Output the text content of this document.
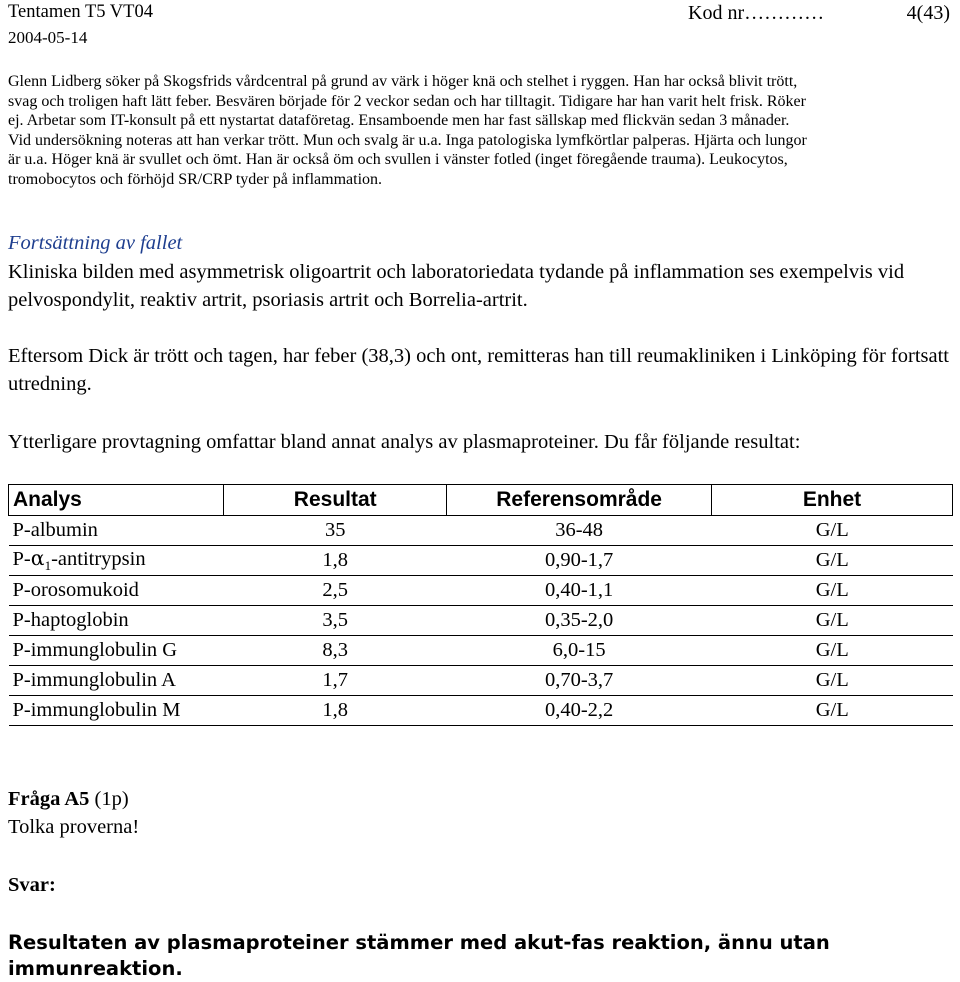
Tentamen T5 VT04
2004-05-14
Kod nr…………	4(43)

Glenn Lidberg söker på Skogsfrids vårdcentral på grund av värk i höger knä och stelhet i ryggen. Han har också blivit trött,

svag och troligen haft lätt feber. Besvären började för 2 veckor sedan och har tilltagit. Tidigare har han varit helt frisk. Röker

ej. Arbetar som IT-konsult på ett nystartat dataföretag. Ensamboende men har fast sällskap med flickvän sedan 3 månader.

Vid undersökning noteras att han verkar trött. Mun och svalg är u.a. Inga patologiska lymfkörtlar palperas. Hjärta och lungor

är u.a. Höger knä är svullet och ömt. Han är också öm och svullen i vänster fotled (inget föregående trauma). Leukocytos,

tromobocytos och förhöjd SR/CRP tyder på inflammation.

Fortsättning av fallet

Kliniska bilden med asymmetrisk oligoartrit och laboratoriedata tydande på inflammation ses exempelvis vid pelvospondylit, reaktiv artrit, psoriasis artrit och Borrelia-artrit.

Eftersom Dick är trött och tagen, har feber (38,3) och ont, remitteras han till reumakliniken i Linköping för fortsatt utredning.

Ytterligare provtagning omfattar bland annat analys av plasmaproteiner. Du får följande resultat:

Analys	Resultat	Referensområde	Enhet
P-albumin	35	36-48	G/L
$P-\alpha_1$-antitrypsin	1,8	0,90-1,7	G/L
P-orosomukoid	2,5	0,40-1,1	G/L
P-haptoglobin	3,5	0,35-2,0	G/L
P-immunglobulin G	8,3	6,0-15	G/L
P-immunglobulin A	1,7	0,70-3,7	G/L
P-immunglobulin M	1,8	0,40-2,2	G/L
Fråga A5 (1p)
Tolka proverna!
Svar:
Resultaten av plasmaproteiner stämmer med akut-fas reaktion, ännu utan immunreaktion.
